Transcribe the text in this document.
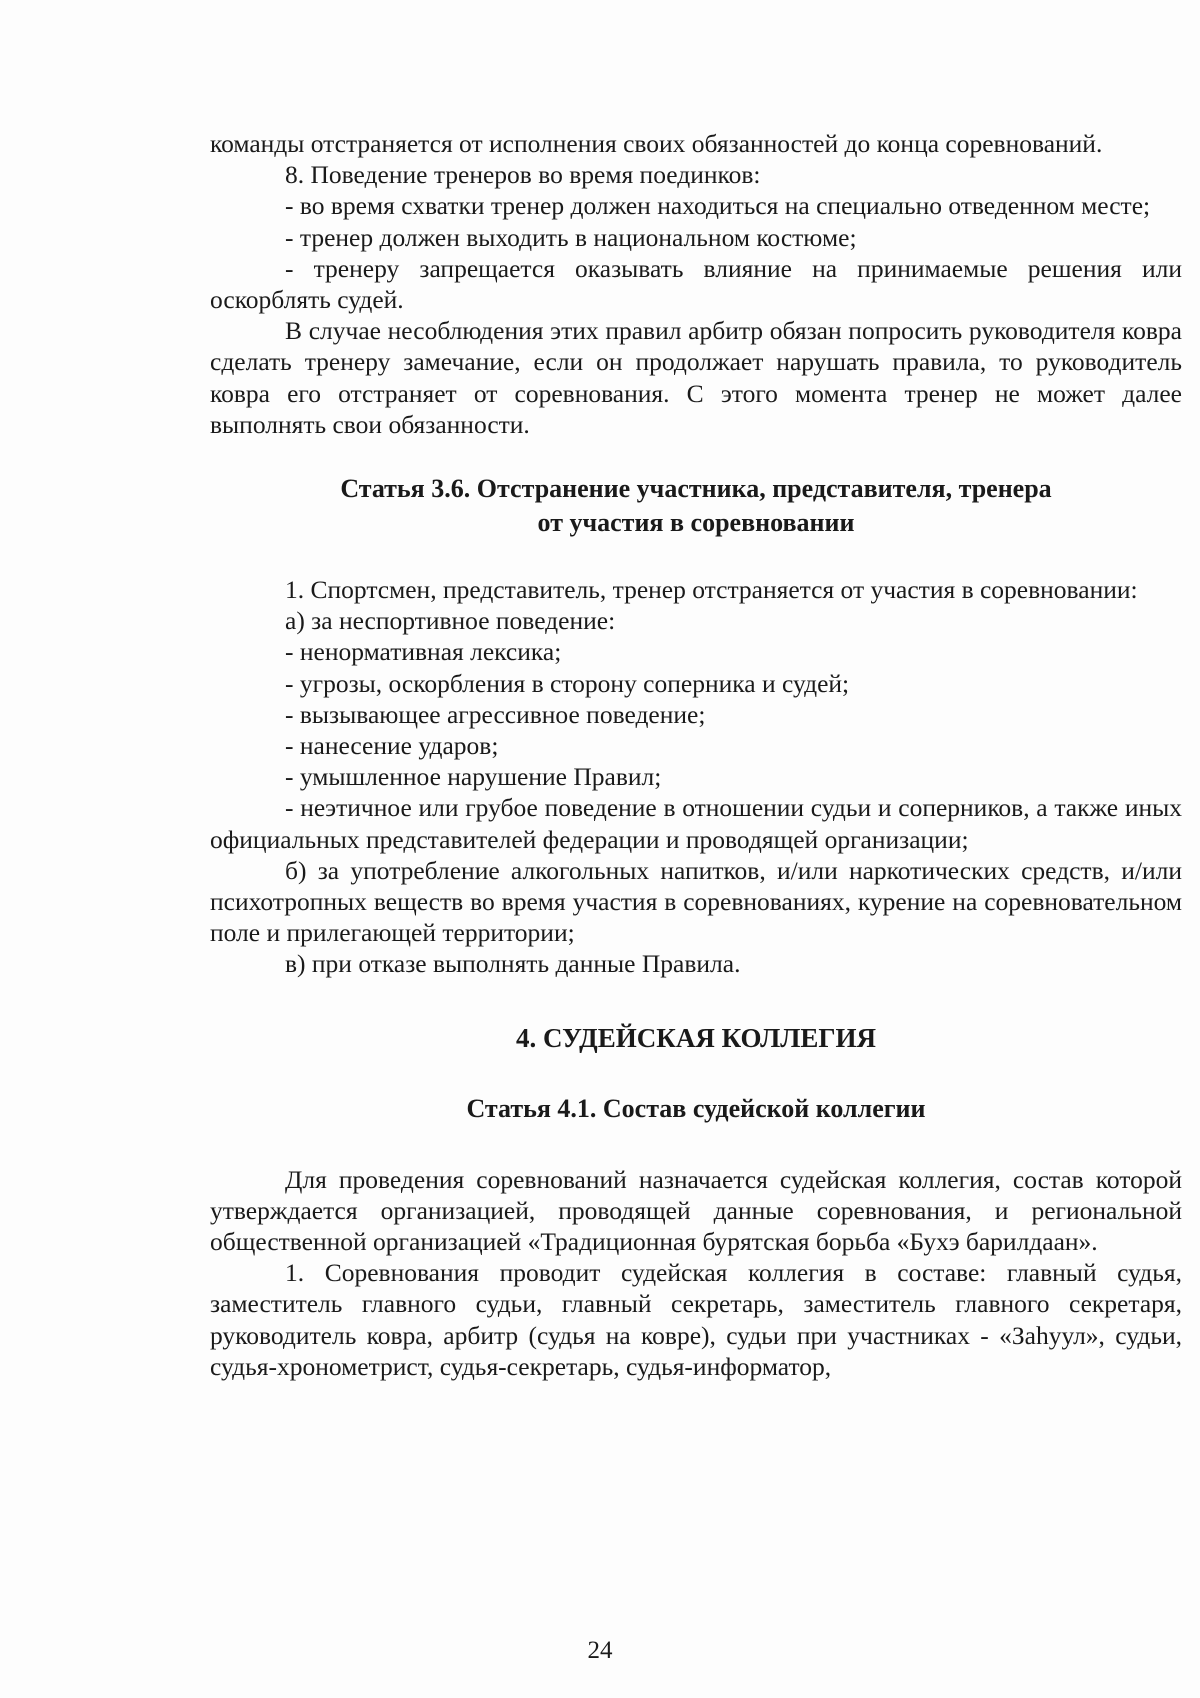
команды отстраняется от исполнения своих обязанностей до конца соревнований.

8. Поведение тренеров во время поединков:

- во время схватки тренер должен находиться на специально отведенном месте;

- тренер должен выходить в национальном костюме;

- тренеру запрещается оказывать влияние на принимаемые решения или оскорблять судей.

В случае несоблюдения этих правил арбитр обязан попросить руководителя ковра сделать тренеру замечание, если он продолжает нарушать правила, то руководитель ковра его отстраняет от соревнования. С этого момента тренер не может далее выполнять свои обязанности.

Статья 3.6. Отстранение участника, представителя, тренера

от участия в соревновании

1. Спортсмен, представитель, тренер отстраняется от участия в соревновании:

а) за неспортивное поведение:

- ненормативная лексика;

- угрозы, оскорбления в сторону соперника и судей;

- вызывающее агрессивное поведение;

- нанесение ударов;

- умышленное нарушение Правил;

- неэтичное или грубое поведение в отношении судьи и соперников, а также иных официальных представителей федерации и проводящей организации;

б) за употребление алкогольных напитков, и/или наркотических средств, и/или психотропных веществ во время участия в соревнованиях, курение на соревновательном поле и прилегающей территории;

в) при отказе выполнять данные Правила.

4. СУДЕЙСКАЯ КОЛЛЕГИЯ

Статья 4.1. Состав судейской коллегии

Для проведения соревнований назначается судейская коллегия, состав которой утверждается организацией, проводящей данные соревнования, и региональной общественной организацией «Традиционная бурятская борьба «Бухэ барилдаан».

1. Соревнования проводит судейская коллегия в составе: главный судья, заместитель главного судьи, главный секретарь, заместитель главного секретаря, руководитель ковра, арбитр (судья на ковре), судьи при участниках - «Заһуул», судьи, судья-хронометрист, судья-секретарь, судья-информатор,

24
